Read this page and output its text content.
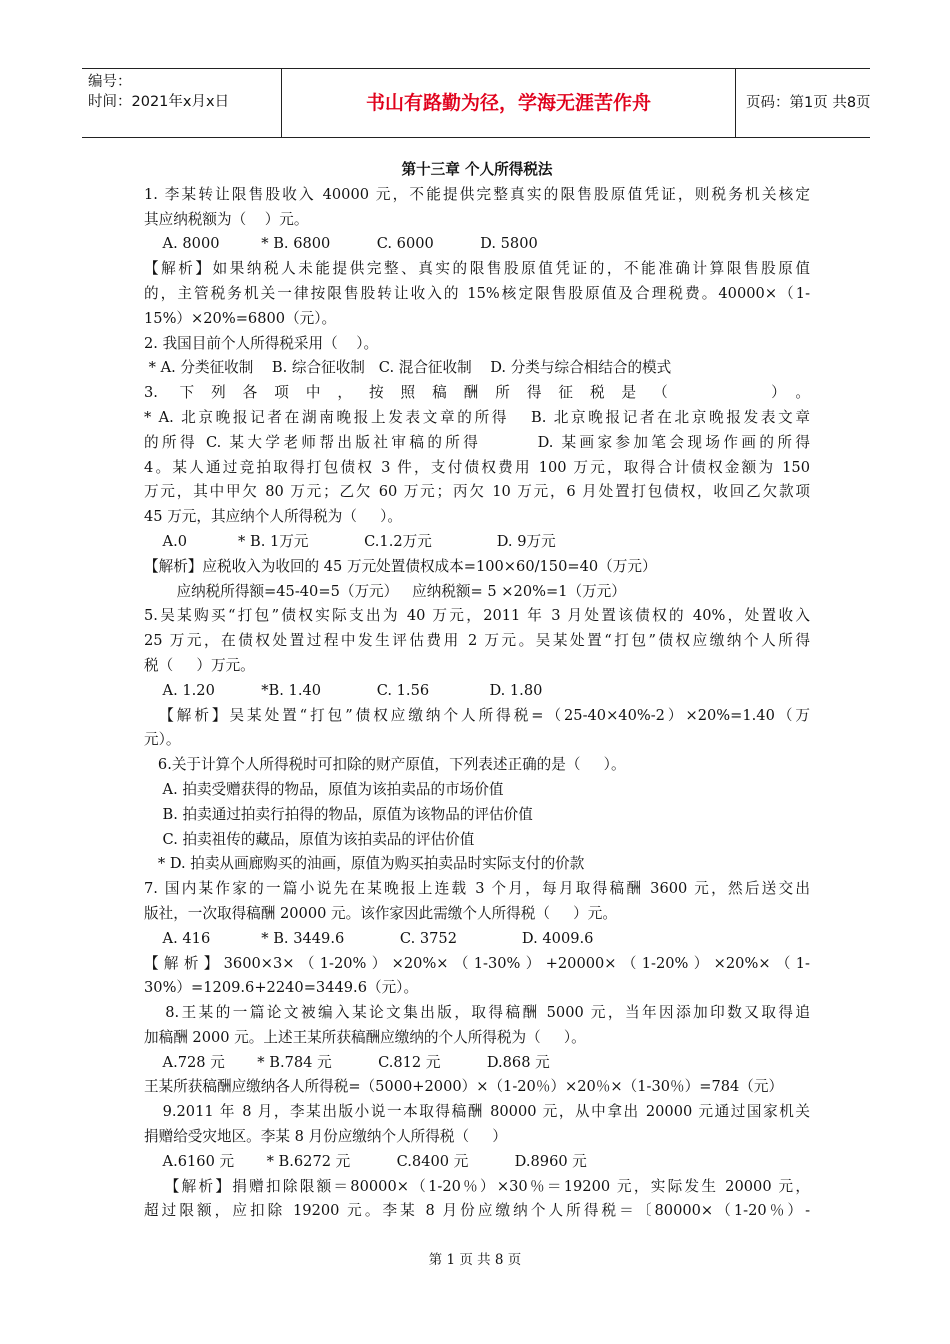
编号：
时间：2021年x月x日	书山有路勤为径，学海无涯苦作舟	页码：第1页 共8页
第十三章 个人所得税法
1. 李某转让限售股收入 40000 元，不能提供完整真实的限售股原值凭证，则税务机关核定
其应纳税额为（    ）元。
A. 8000         * B. 6800          C. 6000          D. 5800
【解析】如果纳税人未能提供完整、真实的限售股原值凭证的，不能准确计算限售股原值
的，主管税务机关一律按限售股转让收入的 15%核定限售股原值及合理税费。40000×（1-
15%）×20%=6800（元）。
2. 我国目前个人所得税采用（    ）。
* A. 分类征收制    B. 综合征收制   C. 混合征收制    D. 分类与综合相结合的模式
3. 下列各项中，按照稿酬所得征税是（    ）。
* A. 北京晚报记者在湖南晚报上发表文章的所得   B. 北京晚报记者在北京晚报发表文章
的所得 C. 某大学老师帮出版社审稿的所得       D. 某画家参加笔会现场作画的所得
4。某人通过竞拍取得打包债权 3 件，支付债权费用 100 万元，取得合计债权金额为 150
万元，其中甲欠 80 万元；乙欠 60 万元；丙欠 10 万元，6 月处置打包债权，收回乙欠款项
45 万元，其应纳个人所得税为（     ）。
A.0           * B. 1万元            C.1.2万元              D. 9万元
【解析】应税收入为收回的 45 万元处置债权成本=100×60/150=40（万元）
应纳税所得额=45-40=5（万元）   应纳税额= 5 ×20%=1（万元）
5.吴某购买“打包”债权实际支出为 40 万元，2011 年 3 月处置该债权的 40%，处置收入
25 万元，在债权处置过程中发生评估费用 2 万元。吴某处置“打包”债权应缴纳个人所得
税（     ）万元。
A. 1.20          *B. 1.40            C. 1.56             D. 1.80
【解析】吴某处置“打包”债权应缴纳个人所得税=（25-40×40%-2）×20%=1.40（万
元）。
6.关于计算个人所得税时可扣除的财产原值，下列表述正确的是（     ）。
A. 拍卖受赠获得的物品，原值为该拍卖品的市场价值
B. 拍卖通过拍卖行拍得的物品，原值为该物品的评估价值
C. 拍卖祖传的藏品，原值为该拍卖品的评估价值
* D. 拍卖从画廊购买的油画，原值为购买拍卖品时实际支付的价款
7. 国内某作家的一篇小说先在某晚报上连载 3 个月，每月取得稿酬 3600 元，然后送交出
版社，一次取得稿酬 20000 元。该作家因此需缴个人所得税（     ）元。
A. 416           * B. 3449.6            C. 3752              D. 4009.6
【解析】3600×3×（1-20%）×20%×（1-30%）+20000×（1-20%）×20%×（1-
30%）=1209.6+2240=3449.6（元）。
8.王某的一篇论文被编入某论文集出版，取得稿酬 5000 元，当年因添加印数又取得追
加稿酬 2000 元。上述王某所获稿酬应缴纳的个人所得税为（     ）。
A.728 元       * B.784 元          C.812 元          D.868 元
王某所获稿酬应缴纳各人所得税=（5000+2000）×（1-20％）×20％×（1-30％）=784（元）
9.2011 年 8 月，李某出版小说一本取得稿酬 80000 元，从中拿出 20000 元通过国家机关
捐赠给受灾地区。李某 8 月份应缴纳个人所得税（     ）
A.6160 元       * B.6272 元          C.8400 元          D.8960 元
【解析】捐赠扣除限额＝80000×（1-20％）×30％＝19200 元，实际发生 20000 元，
超过限额，应扣除 19200 元。李某 8 月份应缴纳个人所得税＝〔80000×（1-20％）-
第 1 页 共 8 页
